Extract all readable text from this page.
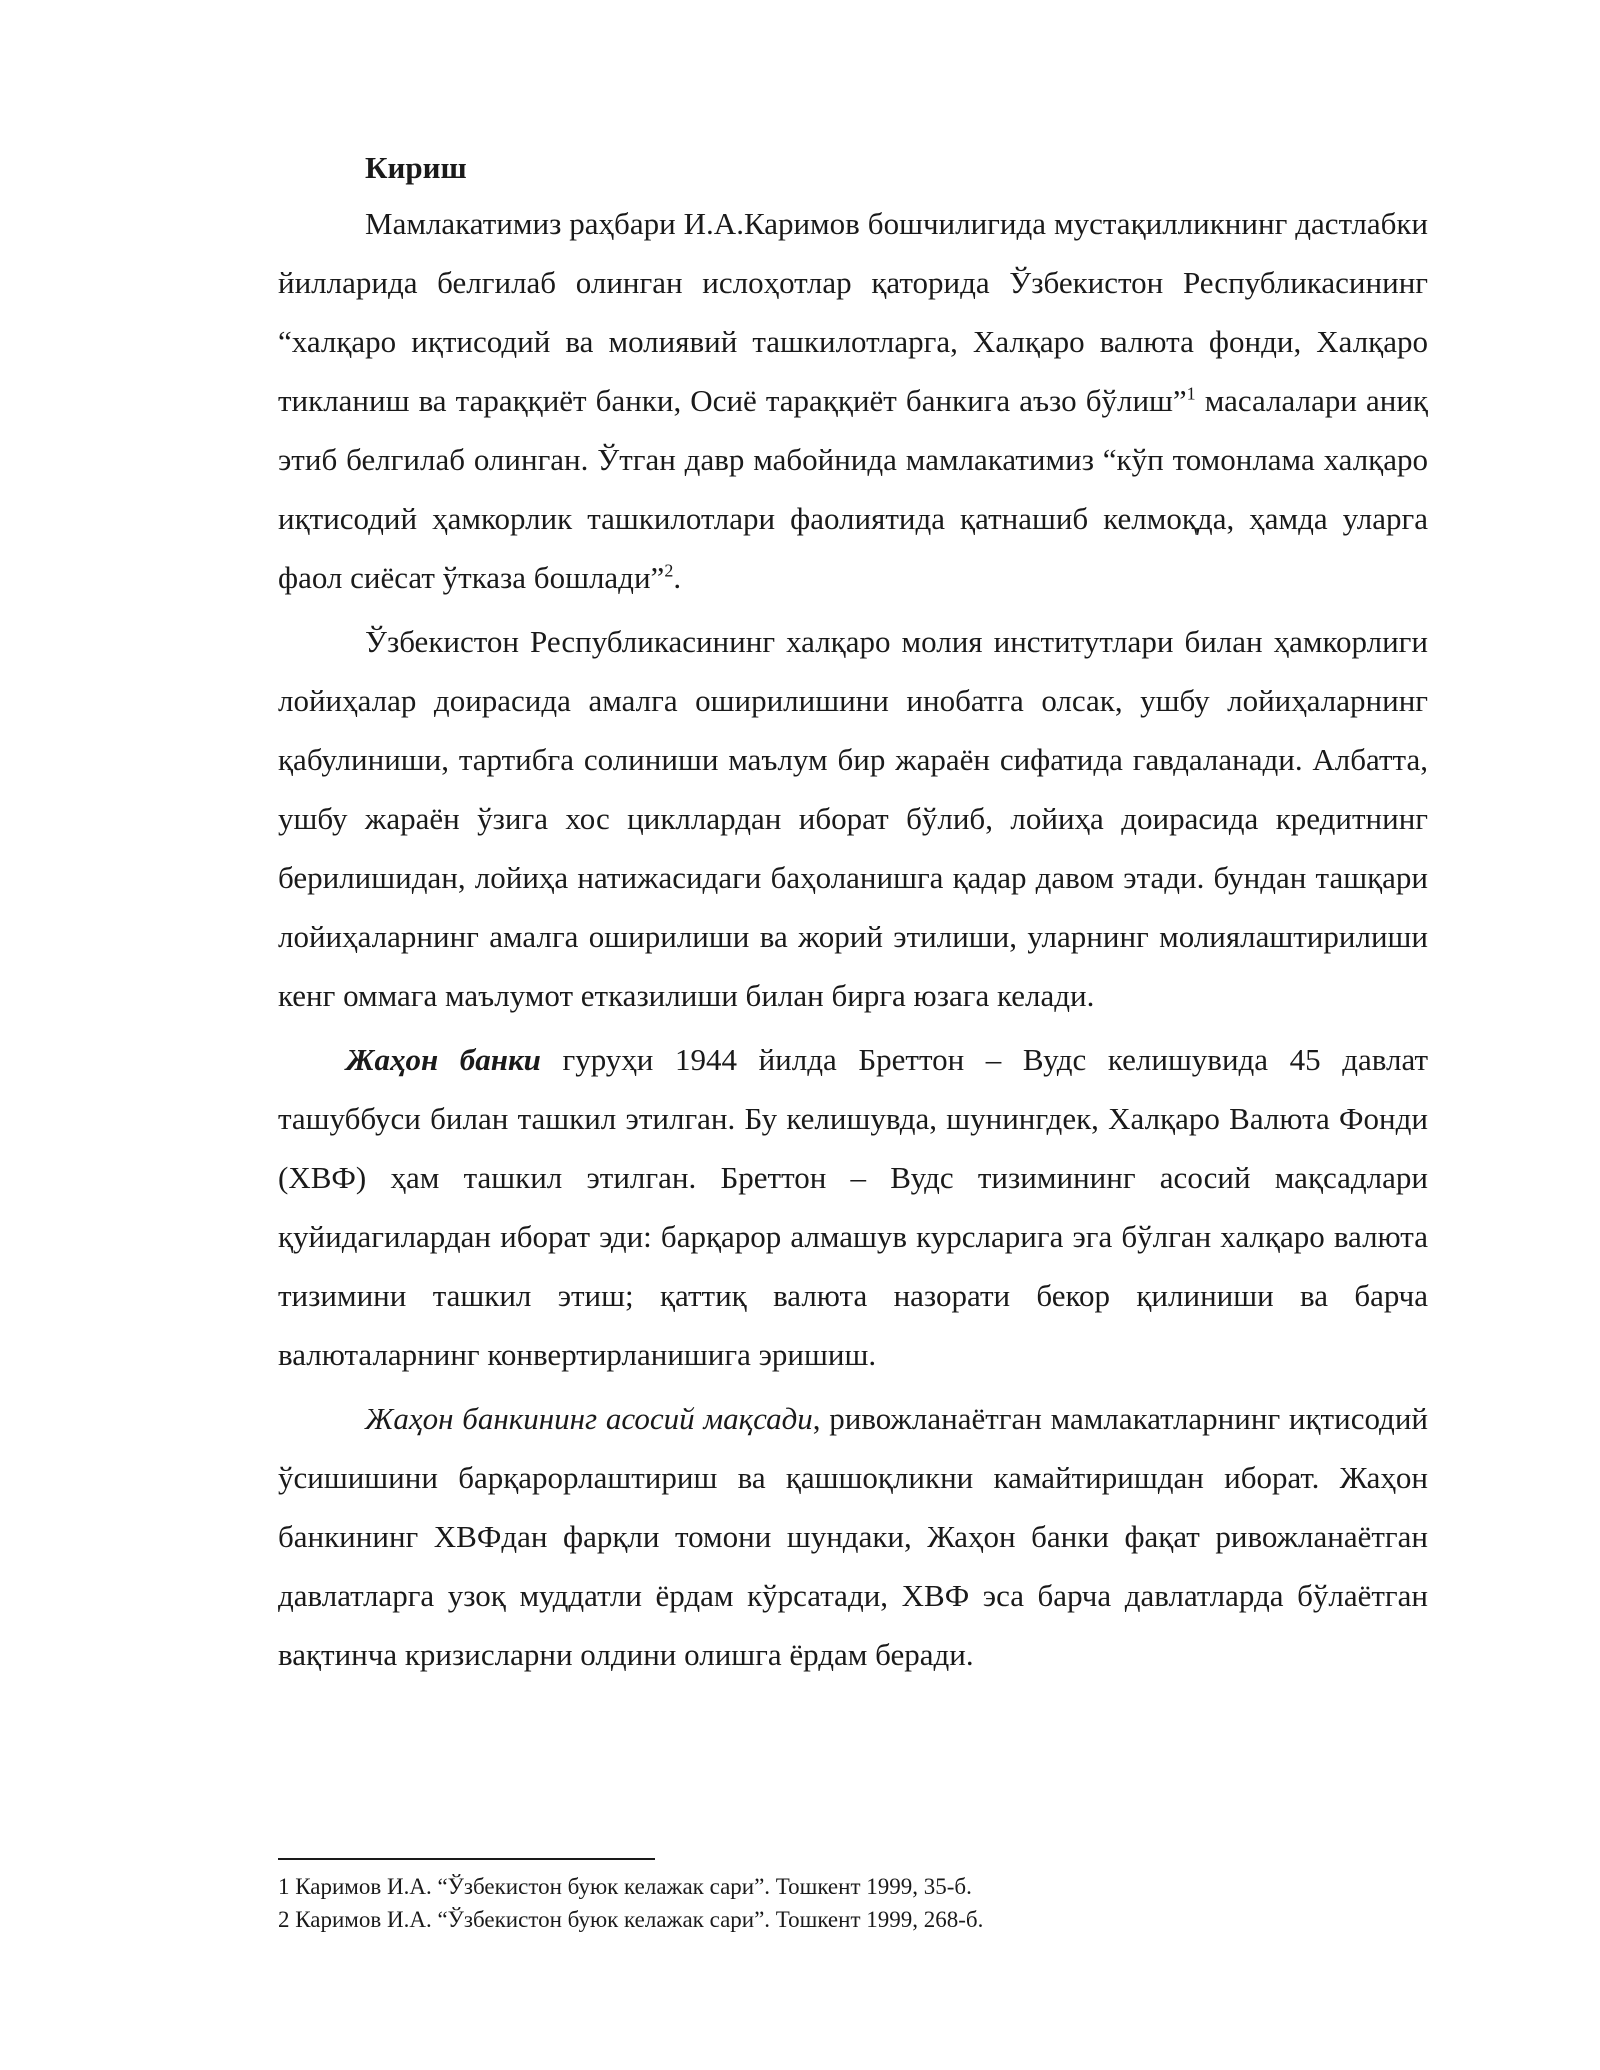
Кириш

Мамлакатимиз раҳбари И.А.Каримов бошчилигида мустақилликнинг дастлабки йилларида белгилаб олинган ислоҳотлар қаторида Ўзбекистон Республикасининг “халқаро иқтисодий ва молиявий ташкилотларга, Халқаро валюта фонди, Халқаро тикланиш ва тараққиёт банки, Осиё тараққиёт банкига аъзо бўлиш”$^1$ масалалари аниқ этиб белгилаб олинган. Ўтган давр мабойнида мамлакатимиз “кўп томонлама халқаро иқтисодий ҳамкорлик ташкилотлари фаолиятида қатнашиб келмоқда, ҳамда уларга фаол сиёсат ўтказа бошлади”$^2$.

Ўзбекистон Республикасининг халқаро молия институтлари билан ҳамкорлиги лойиҳалар доирасида амалга оширилишини инобатга олсак, ушбу лойиҳаларнинг қабулиниши, тартибга солиниши маълум бир жараён сифатида гавдаланади. Албатта, ушбу жараён ўзига хос цикллардан иборат бўлиб, лойиҳа доирасида кредитнинг берилишидан, лойиҳа натижасидаги баҳоланишга қадар давом этади. бундан ташқари лойиҳаларнинг амалга оширилиши ва жорий этилиши, уларнинг молиялаштирилиши кенг оммага маълумот етказилиши билан бирга юзага келади.

Жаҳон банки гуруҳи 1944 йилда Бреттон – Вудс келишувида 45 давлат ташуббуси билан ташкил этилган. Бу келишувда, шунингдек, Халқаро Валюта Фонди (ХВФ) ҳам ташкил этилган. Бреттон – Вудс тизимининг асосий мақсадлари қуйидагилардан иборат эди: барқарор алмашув курсларига эга бўлган халқаро валюта тизимини ташкил этиш; қаттиқ валюта назорати бекор қилиниши ва барча валюталарнинг конвертирланишига эришиш.

Жаҳон банкининг асосий мақсади, ривожланаётган мамлакатларнинг иқтисодий ўсишишини барқарорлаштириш ва қашшоқликни камайтиришдан иборат. Жаҳон банкининг ХВФдан фарқли томони шундаки, Жаҳон банки фақат ривожланаётган давлатларга узоқ муддатли ёрдам кўрсатади, ХВФ эса барча давлатларда бўлаётган вақтинча кризисларни олдини олишга ёрдам беради.

1 Каримов И.А. “Ўзбекистон буюк келажак сари”. Тошкент 1999, 35-б.

2 Каримов И.А. “Ўзбекистон буюк келажак сари”. Тошкент 1999, 268-б.
